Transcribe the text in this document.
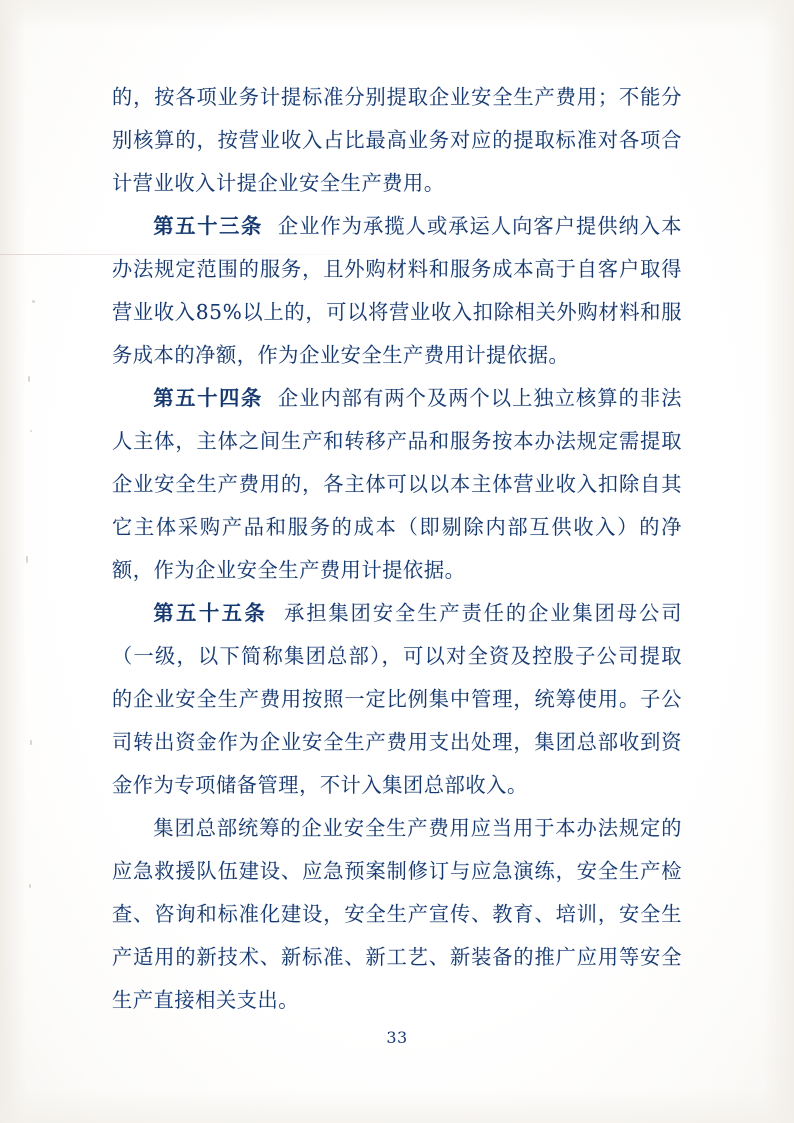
的，按各项业务计提标准分别提取企业安全生产费用；不能分别核算的，按营业收入占比最高业务对应的提取标准对各项合计营业收入计提企业安全生产费用。

第五十三条 企业作为承揽人或承运人向客户提供纳入本办法规定范围的服务，且外购材料和服务成本高于自客户取得营业收入85%以上的，可以将营业收入扣除相关外购材料和服务成本的净额，作为企业安全生产费用计提依据。

第五十四条 企业内部有两个及两个以上独立核算的非法人主体，主体之间生产和转移产品和服务按本办法规定需提取企业安全生产费用的，各主体可以以本主体营业收入扣除自其它主体采购产品和服务的成本（即剔除内部互供收入）的净额，作为企业安全生产费用计提依据。

第五十五条 承担集团安全生产责任的企业集团母公司（一级，以下简称集团总部），可以对全资及控股子公司提取的企业安全生产费用按照一定比例集中管理，统筹使用。子公司转出资金作为企业安全生产费用支出处理，集团总部收到资金作为专项储备管理，不计入集团总部收入。

集团总部统筹的企业安全生产费用应当用于本办法规定的应急救援队伍建设、应急预案制修订与应急演练，安全生产检查、咨询和标准化建设，安全生产宣传、教育、培训，安全生产适用的新技术、新标准、新工艺、新装备的推广应用等安全生产直接相关支出。

33
